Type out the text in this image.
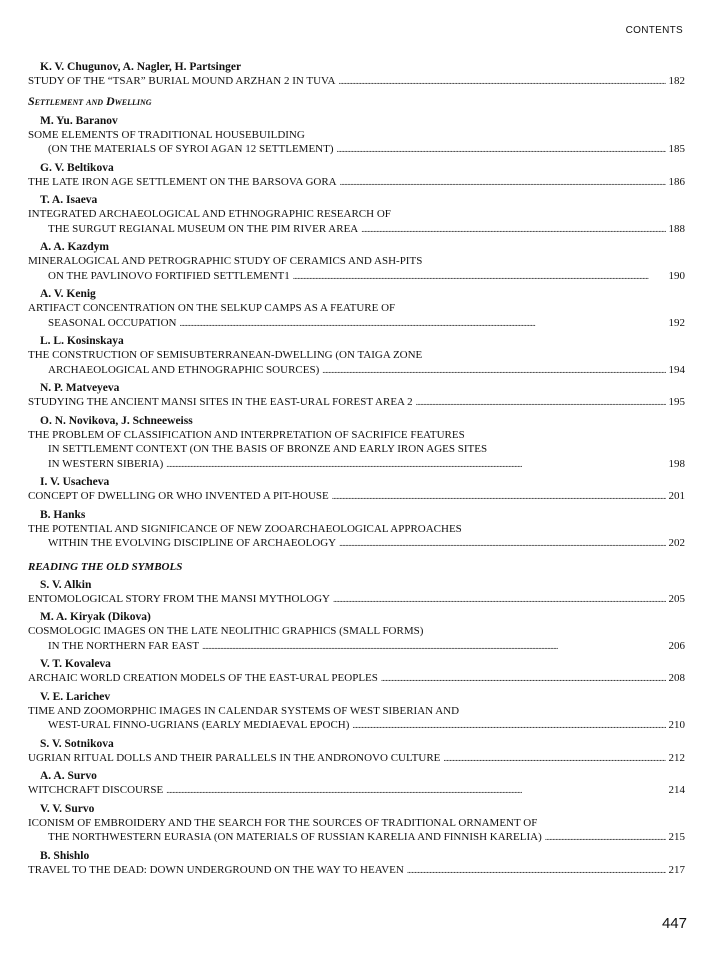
CONTENTS
K. V. Chugunov, A. Nagler, H. Partsinger
STUDY OF THE “TSAR” BURIAL MOUND ARZHAN 2 IN TUVA . . .	182
Settlement and Dwelling
M. Yu. Baranov
SOME ELEMENTS OF TRADITIONAL HOUSEBUILDING
(ON THE MATERIALS OF SYROI AGAN 12 SETTLEMENT) . . .	185
G. V. Beltikova
THE LATE IRON AGE SETTLEMENT ON THE BARSOVA GORA . . .	186
T. A. Isaeva
INTEGRATED ARCHAEOLOGICAL AND ETHNOGRAPHIC RESEARCH OF
THE SURGUT REGIANAL MUSEUM ON THE PIM RIVER AREA . . .	188
A. A. Kazdym
MINERALOGICAL AND PETROGRAPHIC STUDY OF CERAMICS AND ASH-PITS
ON THE PAVLINOVO FORTIFIED SETTLEMENT1 . . .	190
A. V. Kenig
ARTIFACT CONCENTRATION ON THE SELKUP CAMPS AS A FEATURE OF
SEASONAL OCCUPATION . . .	192
L. L. Kosinskaya
THE CONSTRUCTION OF SEMISUBTERRANEAN-DWELLING (ON TAIGA ZONE
ARCHAEOLOGICAL AND ETHNOGRAPHIC SOURCES) . . .	194
N. P. Matveyeva
STUDYING THE ANCIENT MANSI SITES IN THE EAST-URAL FOREST AREA 2 . . .	195
O. N. Novikova, J. Schneeweiss
THE PROBLEM OF CLASSIFICATION AND INTERPRETATION OF SACRIFICE FEATURES
IN SETTLEMENT CONTEXT (ON THE BASIS OF BRONZE AND EARLY IRON AGES SITES
IN WESTERN SIBERIA) . . .	198
I. V. Usacheva
CONCEPT OF DWELLING OR WHO INVENTED A PIT-HOUSE . . .	201
B. Hanks
THE POTENTIAL AND SIGNIFICANCE OF NEW ZOOARCHAEOLOGICAL APPROACHES
WITHIN THE EVOLVING DISCIPLINE OF ARCHAEOLOGY . . .	202
READING THE OLD SYMBOLS
S. V. Alkin
ENTOMOLOGICAL STORY FROM THE MANSI MYTHOLOGY . . .	205
M. A. Kiryak (Dikova)
COSMOLOGIC IMAGES ON THE LATE NEOLITHIC GRAPHICS (SMALL FORMS)
IN THE NORTHERN FAR EAST . . .	206
V. T. Kovaleva
ARCHAIC WORLD CREATION MODELS OF THE EAST-URAL PEOPLES . . .	208
V. E. Larichev
TIME AND ZOOMORPHIC IMAGES IN CALENDAR SYSTEMS OF WEST SIBERIAN AND
WEST-URAL FINNO-UGRIANS (EARLY MEDIAEVAL EPOCH) . . .	210
S. V. Sotnikova
UGRIAN RITUAL DOLLS AND THEIR PARALLELS IN THE ANDRONOVO CULTURE . . .	212
A. A. Survo
WITCHCRAFT DISCOURSE . . .	214
V. V. Survo
ICONISM OF EMBROIDERY AND THE SEARCH FOR THE SOURCES OF TRADITIONAL ORNAMENT OF
THE NORTHWESTERN EURASIA (ON MATERIALS OF RUSSIAN KARELIA AND FINNISH KARELIA) . . .	215
B. Shishlo
TRAVEL TO THE DEAD: DOWN UNDERGROUND ON THE WAY TO HEAVEN . . .	217
447
